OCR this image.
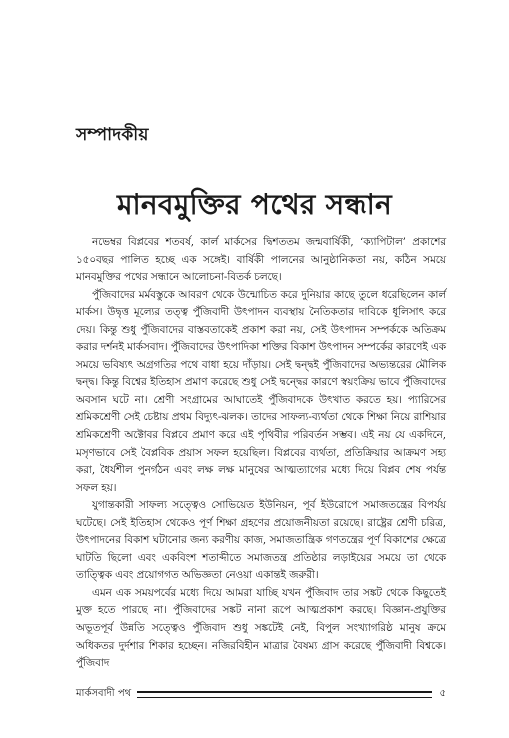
সম্পাদকীয়
মানবমুক্তির পথের সন্ধান

নভেম্বর বিপ্লবের শতবর্ষ, কার্ল মার্কসের দ্বিশততম জন্মবার্ষিকী, ‘ক্যাপিটাল’ প্রকাশের ১৫০বছর পালিত হচ্ছে এক সঙ্গেই। বার্ষিকী পালনের আনুষ্ঠানিকতা নয়, কঠিন সময়ে মানবমুক্তির পথের সন্ধানে আলোচনা-বিতর্ক চলছে।

পুঁজিবাদের মর্মবস্তুকে আবরণ থেকে উন্মোচিত করে দুনিয়ার কাছে তুলে ধরেছিলেন কার্ল মার্কস। উদ্বৃত্ত মূল্যের তত্ত্ব পুঁজিবাদী উৎপাদন ব্যবস্থায় নৈতিকতার দাবিকে ধূলিসাৎ করে দেয়। কিন্তু শুধু পুঁজিবাদের বাস্তবতাকেই প্রকাশ করা নয়, সেই উৎপাদন সম্পর্ককে অতিক্রম করার দর্শনই মার্কসবাদ। পুঁজিবাদের উৎপাদিকা শক্তির বিকাশ উৎপাদন সম্পর্কের কারণেই এক সময়ে ভবিষ্যৎ অগ্রগতির পথে বাধা হয়ে দাঁড়ায়। সেই দ্বন্দ্বই পুঁজিবাদের অভ্যন্তরের মৌলিক দ্বন্দ্ব। কিন্তু বিশ্বের ইতিহাস প্রমাণ করেছে শুধু সেই দ্বন্দ্বের কারণে স্বয়ংক্রিয় ভাবে পুঁজিবাদের অবসান ঘটে না। শ্রেণী সংগ্রামের আঘাতেই পুঁজিবাদকে উৎখাত করতে হয়। প্যারিসের শ্রমিকশ্রেণী সেই চেষ্টায় প্রথম বিদ্যুৎ-ঝলক। তাদের সাফল্য-ব্যর্থতা থেকে শিক্ষা নিয়ে রাশিয়ার শ্রমিকশ্রেণী অক্টোবর বিপ্লবে প্রমাণ করে এই পৃথিবীর পরিবর্তন সম্ভব। এই নয় যে একদিনে, মসৃণভাবে সেই বৈপ্লবিক প্রয়াস সফল হয়েছিল। বিপ্লবের ব্যর্থতা, প্রতিক্রিয়ার আক্রমণ সহ্য করা, ধৈর্যশীল পুনর্গঠন এবং লক্ষ লক্ষ মানুষের আত্মত্যাগের মধ্যে দিয়ে বিপ্লব শেষ পর্যন্ত সফল হয়।

যুগান্তকারী সাফল্য সত্ত্বেও সোভিয়েত ইউনিয়ন, পূর্ব ইউরোপে সমাজতন্ত্রের বিপর্যয় ঘটেছে। সেই ইতিহাস থেকেও পূর্ণ শিক্ষা গ্রহণের প্রয়োজনীয়তা রয়েছে। রাষ্ট্রের শ্রেণী চরিত্র, উৎপাদনের বিকাশ ঘটানোর জন্য করণীয় কাজ, সমাজতান্ত্রিক গণতন্ত্রের পূর্ণ বিকাশের ক্ষেত্রে ঘাটতি ছিলো এবং একবিংশ শতাব্দীতে সমাজতন্ত্র প্রতিষ্ঠার লড়াইয়ের সময়ে তা থেকে তাত্ত্বিক এবং প্রয়োগগত অভিজ্ঞতা নেওয়া একান্তই জরুরী।

এমন এক সময়পর্বের মধ্যে দিয়ে আমরা যাচ্ছি যখন পুঁজিবাদ তার সঙ্কট থেকে কিছুতেই মুক্ত হতে পারছে না। পুঁজিবাদের সঙ্কট নানা রূপে আত্মপ্রকাশ করছে। বিজ্ঞান-প্রযুক্তির অভূতপূর্ব উন্নতি সত্ত্বেও পুঁজিবাদ শুধু সঙ্কটেই নেই, বিপুল সংখ্যাগরিষ্ঠ মানুষ ক্রমে অধিকতর দুর্দশার শিকার হচ্ছেন। নজিরবিহীন মাত্রার বৈষম্য গ্রাস করেছে পুঁজিবাদী বিশ্বকে। পুঁজিবাদ

মার্কসবাদী পথ	৫
